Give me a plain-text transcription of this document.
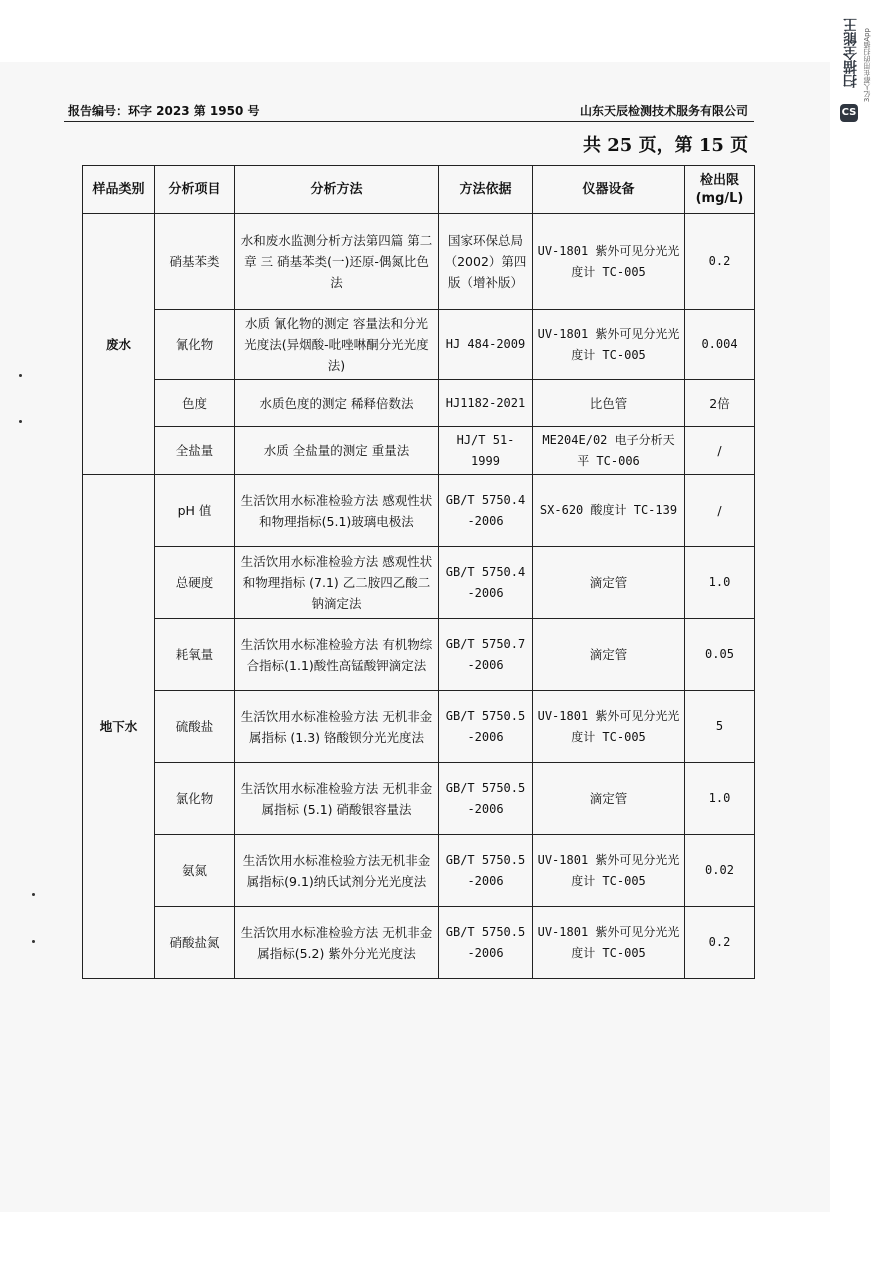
扫描全能王 3亿人都在用的扫描App
CS
报告编号：环字 2023 第 1950 号	山东天辰检测技术服务有限公司
共 25 页，第 15 页
样品类别	分析项目	分析方法	方法依据	仪器设备	检出限
(mg/L)
废水	硝基苯类	水和废水监测分析方法第四篇 第二章 三 硝基苯类(一)还原-偶氮比色法	国家环保总局（2002）第四版（增补版）	UV-1801 紫外可见分光光度计 TC-005	0.2
	氰化物	水质 氰化物的测定 容量法和分光光度法(异烟酸-吡唑啉酮分光光度法)	HJ 484-2009	UV-1801 紫外可见分光光度计 TC-005	0.004
	色度	水质色度的测定 稀释倍数法	HJ1182-2021	比色管	2倍
	全盐量	水质 全盐量的测定 重量法	HJ/T 51-1999	ME204E/02 电子分析天平 TC-006	/
地下水	pH 值	生活饮用水标准检验方法 感观性状和物理指标(5.1)玻璃电极法	GB/T 5750.4-2006	SX-620 酸度计 TC-139	/
	总硬度	生活饮用水标准检验方法 感观性状和物理指标 (7.1) 乙二胺四乙酸二钠滴定法	GB/T 5750.4-2006	滴定管	1.0
	耗氧量	生活饮用水标准检验方法 有机物综合指标(1.1)酸性高锰酸钾滴定法	GB/T 5750.7-2006	滴定管	0.05
	硫酸盐	生活饮用水标准检验方法 无机非金属指标 (1.3) 铬酸钡分光光度法	GB/T 5750.5-2006	UV-1801 紫外可见分光光度计 TC-005	5
	氯化物	生活饮用水标准检验方法 无机非金属指标 (5.1) 硝酸银容量法	GB/T 5750.5-2006	滴定管	1.0
	氨氮	生活饮用水标准检验方法无机非金属指标(9.1)纳氏试剂分光光度法	GB/T 5750.5-2006	UV-1801 紫外可见分光光度计 TC-005	0.02
	硝酸盐氮	生活饮用水标准检验方法 无机非金属指标(5.2) 紫外分光光度法	GB/T 5750.5-2006	UV-1801 紫外可见分光光度计 TC-005	0.2
